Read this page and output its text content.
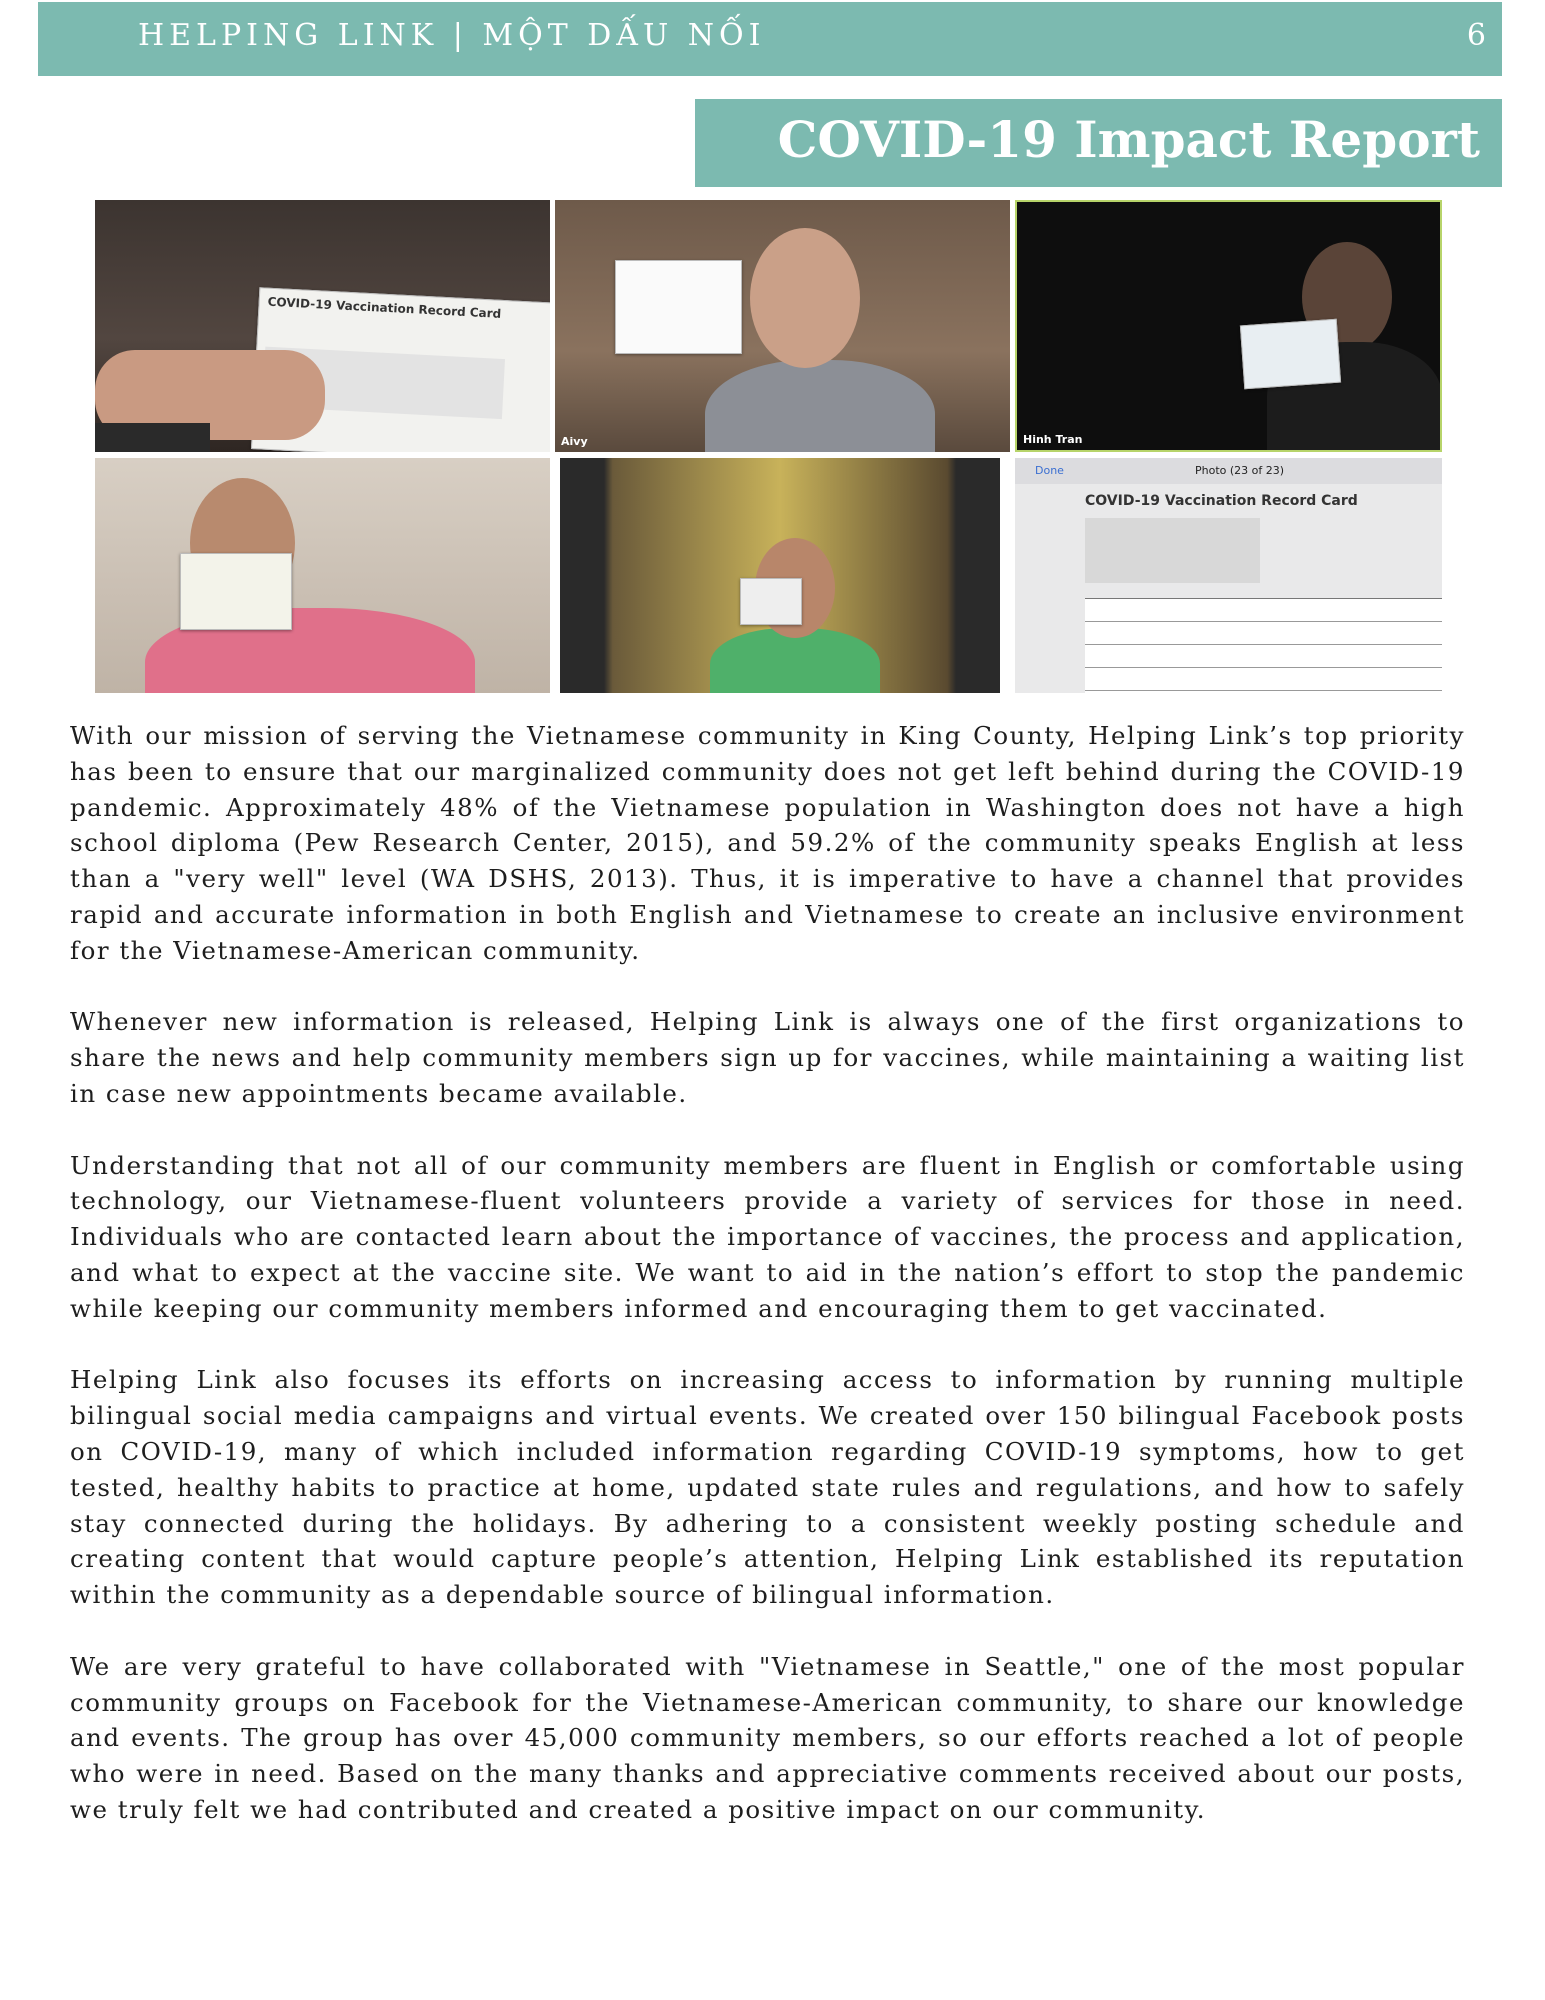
HELPING LINK | MỘT DẤU NỐI	6
COVID-19 Impact Report
COVID-19 Vaccination Record Card
Aivy	Hinh Tran
Done	Photo (23 of 23)
COVID-19 Vaccination Record Card

With our mission of serving the Vietnamese community in King County, Helping Link’s top priority has been to ensure that our marginalized community does not get left behind during the COVID-19 pandemic. Approximately 48% of the Vietnamese population in Washington does not have a high school diploma (Pew Research Center, 2015), and 59.2% of the community speaks English at less than a "very well" level (WA DSHS, 2013). Thus, it is imperative to have a channel that provides rapid and accurate information in both English and Vietnamese to create an inclusive environment for the Vietnamese-American community.

Whenever new information is released, Helping Link is always one of the first organizations to share the news and help community members sign up for vaccines, while maintaining a waiting list in case new appointments became available.

Understanding that not all of our community members are fluent in English or comfortable using technology, our Vietnamese-fluent volunteers provide a variety of services for those in need. Individuals who are contacted learn about the importance of vaccines, the process and application, and what to expect at the vaccine site. We want to aid in the nation’s effort to stop the pandemic while keeping our community members informed and encouraging them to get vaccinated.

Helping Link also focuses its efforts on increasing access to information by running multiple bilingual social media campaigns and virtual events. We created over 150 bilingual Facebook posts on COVID-19, many of which included information regarding COVID-19 symptoms, how to get tested, healthy habits to practice at home, updated state rules and regulations, and how to safely stay connected during the holidays. By adhering to a consistent weekly posting schedule and creating content that would capture people’s attention, Helping Link established its reputation within the community as a dependable source of bilingual information.

We are very grateful to have collaborated with "Vietnamese in Seattle," one of the most popular community groups on Facebook for the Vietnamese-American community, to share our knowledge and events. The group has over 45,000 community members, so our efforts reached a lot of people who were in need. Based on the many thanks and appreciative comments received about our posts, we truly felt we had contributed and created a positive impact on our community.
